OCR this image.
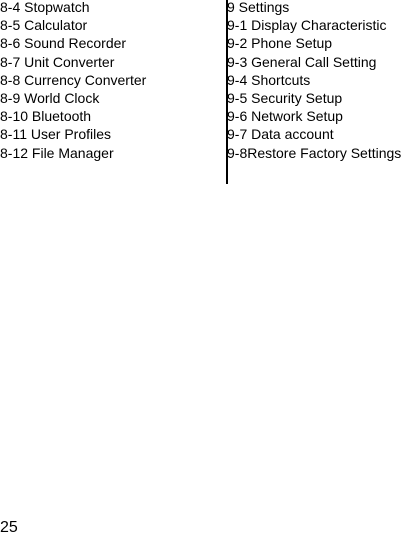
8-4 Stopwatch
8-5 Calculator
8-6 Sound Recorder
8-7 Unit Converter
8-8 Currency Converter
8-9 World Clock
8-10 Bluetooth
8-11 User Profiles
8-12 File Manager
9 Settings
9-1 Display Characteristic
9-2 Phone Setup
9-3 General Call Setting
9-4 Shortcuts
9-5 Security Setup
9-6 Network Setup
9-7 Data account
9-8Restore Factory Settings
25
